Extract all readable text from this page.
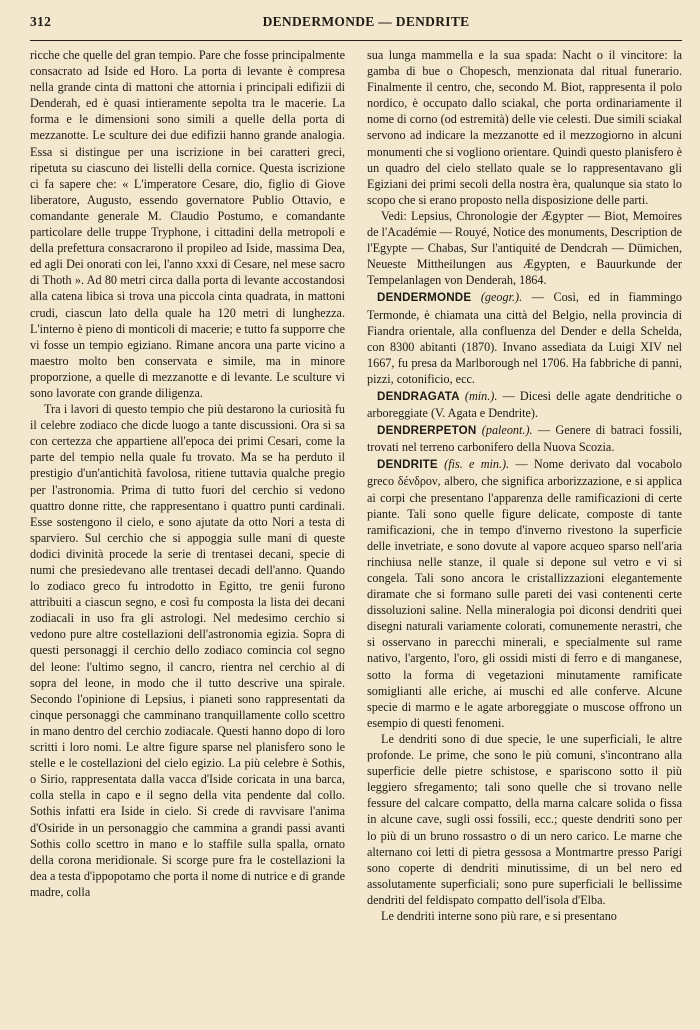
312	DENDERMONDE — DENDRITE

ricche che quelle del gran tempio. Pare che fosse principalmente consacrato ad Iside ed Horo. La porta di levante è compresa nella grande cinta di mattoni che attornia i principali edifizii di Denderah, ed è quasi intieramente sepolta tra le macerie. La forma e le dimensioni sono simili a quelle della porta di mezzanotte. Le sculture dei due edifizii hanno grande analogia. Essa si distingue per una iscrizione in bei caratteri greci, ripetuta su ciascuno dei listelli della cornice. Questa iscrizione ci fa sapere che: « L'imperatore Cesare, dio, figlio di Giove liberatore, Augusto, essendo governatore Publio Ottavio, e comandante generale M. Claudio Postumo, e comandante particolare delle truppe Tryphone, i cittadini della metropoli e della prefettura consacrarono il propileo ad Iside, massima Dea, ed agli Dei onorati con lei, l'anno xxxi di Cesare, nel mese sacro di Thoth ». Ad 80 metri circa dalla porta di levante accostandosi alla catena libica si trova una piccola cinta quadrata, in mattoni crudi, ciascun lato della quale ha 120 metri di lunghezza. L'interno è pieno di monticoli di macerie; e tutto fa supporre che vi fosse un tempio egiziano. Rimane ancora una parte vicino a maestro molto ben conservata e simile, ma in minore proporzione, a quelle di mezzanotte e di levante. Le sculture vi sono lavorate con grande diligenza.

Tra i lavori di questo tempio che più destarono la curiosità fu il celebre zodiaco che dicde luogo a tante discussioni. Ora si sa con certezza che appartiene all'epoca dei primi Cesari, come la parte del tempio nella quale fu trovato. Ma se ha perduto il prestigio d'un'antichità favolosa, ritiene tuttavia qualche pregio per l'astronomia. Prima di tutto fuori del cerchio si vedono quattro donne ritte, che rappresentano i quattro punti cardinali. Esse sostengono il cielo, e sono ajutate da otto Nori a testa di sparviero. Sul cerchio che si appoggia sulle mani di queste dodici divinità procede la serie di trentasei decani, specie di numi che presiedevano alle trentasei decadi dell'anno. Quando lo zodiaco greco fu introdotto in Egitto, tre genii furono attribuiti a ciascun segno, e così fu composta la lista dei decani zodiacali in uso fra gli astrologi. Nel medesimo cerchio si vedono pure altre costellazioni dell'astronomia egizia. Sopra di questi personaggi il cerchio dello zodiaco comincia col segno del leone: l'ultimo segno, il cancro, rientra nel cerchio al di sopra del leone, in modo che il tutto descrive una spirale. Secondo l'opinione di Lepsius, i pianeti sono rappresentati da cinque personaggi che camminano tranquillamente collo scettro in mano dentro del cerchio zodiacale. Questi hanno dopo di loro scritti i loro nomi. Le altre figure sparse nel planisfero sono le stelle e le costellazioni del cielo egizio. La più celebre è Sothis, o Sirio, rappresentata dalla vacca d'Iside coricata in una barca, colla stella in capo e il segno della vita pendente dal collo. Sothis infatti era Iside in cielo. Si crede di ravvisare l'anima d'Osiride in un personaggio che cammina a grandi passi avanti Sothis collo scettro in mano e lo staffile sulla spalla, ornato della corona meridionale. Si scorge pure fra le costellazioni la dea a testa d'ippopotamo che porta il nome di nutrice e di grande madre, colla

sua lunga mammella e la sua spada: Nacht o il vincitore: la gamba di bue o Chopesch, menzionata dal ritual funerario. Finalmente il centro, che, secondo M. Biot, rappresenta il polo nordico, è occupato dallo sciakal, che porta ordinariamente il nome di corno (od estremità) delle vie celesti. Due simili sciakal servono ad indicare la mezzanotte ed il mezzogiorno in alcuni monumenti che si vogliono orientare. Quindi questo planisfero è un quadro del cielo stellato quale se lo rappresentavano gli Egiziani dei primi secoli della nostra èra, qualunque sia stato lo scopo che si erano proposto nella disposizione delle parti.

Vedi: Lepsius, Chronologie der Ægypter — Biot, Memoires de l'Académie — Rouyé, Notice des monuments, Description de l'Egypte — Chabas, Sur l'antiquité de Dendcrah — Dümichen, Neueste Mittheilungen aus Ægypten, e Bauurkunde der Tempelanlagen von Denderah, 1864.

DENDERMONDE (geogr.). — Così, ed in fiammingo Termonde, è chiamata una città del Belgio, nella provincia di Fiandra orientale, alla confluenza del Dender e della Schelda, con 8300 abitanti (1870). Invano assediata da Luigi XIV nel 1667, fu presa da Marlborough nel 1706. Ha fabbriche di panni, pizzi, cotonificio, ecc.

DENDRAGATA (min.). — Dicesi delle agate dendritiche o arboreggiate (V. Agata e Dendrite).

DENDRERPETON (paleont.). — Genere di batraci fossili, trovati nel terreno carbonifero della Nuova Scozia.

DENDRITE (fis. e min.). — Nome derivato dal vocabolo greco δένδρον, albero, che significa arborizzazione, e si applica ai corpi che presentano l'apparenza delle ramificazioni di certe piante. Tali sono quelle figure delicate, composte di tante ramificazioni, che in tempo d'inverno rivestono la superficie delle invetriate, e sono dovute al vapore acqueo sparso nell'aria rinchiusa nelle stanze, il quale si depone sul vetro e vi si congela. Tali sono ancora le cristallizzazioni elegantemente diramate che si formano sulle pareti dei vasi contenenti certe dissoluzioni saline. Nella mineralogia poi diconsi dendriti quei disegni naturali variamente colorati, comunemente nerastri, che si osservano in parecchi minerali, e specialmente sul rame nativo, l'argento, l'oro, gli ossidi misti di ferro e di manganese, sotto la forma di vegetazioni minutamente ramificate somiglianti alle eriche, ai muschi ed alle conferve. Alcune specie di marmo e le agate arboreggiate o muscose offrono un esempio di questi fenomeni.

Le dendriti sono di due specie, le une superficiali, le altre profonde. Le prime, che sono le più comuni, s'incontrano alla superficie delle pietre schistose, e spariscono sotto il più leggiero sfregamento; tali sono quelle che si trovano nelle fessure del calcare compatto, della marna calcare solida o fissa in alcune cave, sugli ossi fossili, ecc.; queste dendriti sono per lo più di un bruno rossastro o di un nero carico. Le marne che alternano coi letti di pietra gessosa a Montmartre presso Parigi sono coperte di dendriti minutissime, di un bel nero ed assolutamente superficiali; sono pure superficiali le bellissime dendriti del feldispato compatto dell'isola d'Elba.

Le dendriti interne sono più rare, e si presentano
